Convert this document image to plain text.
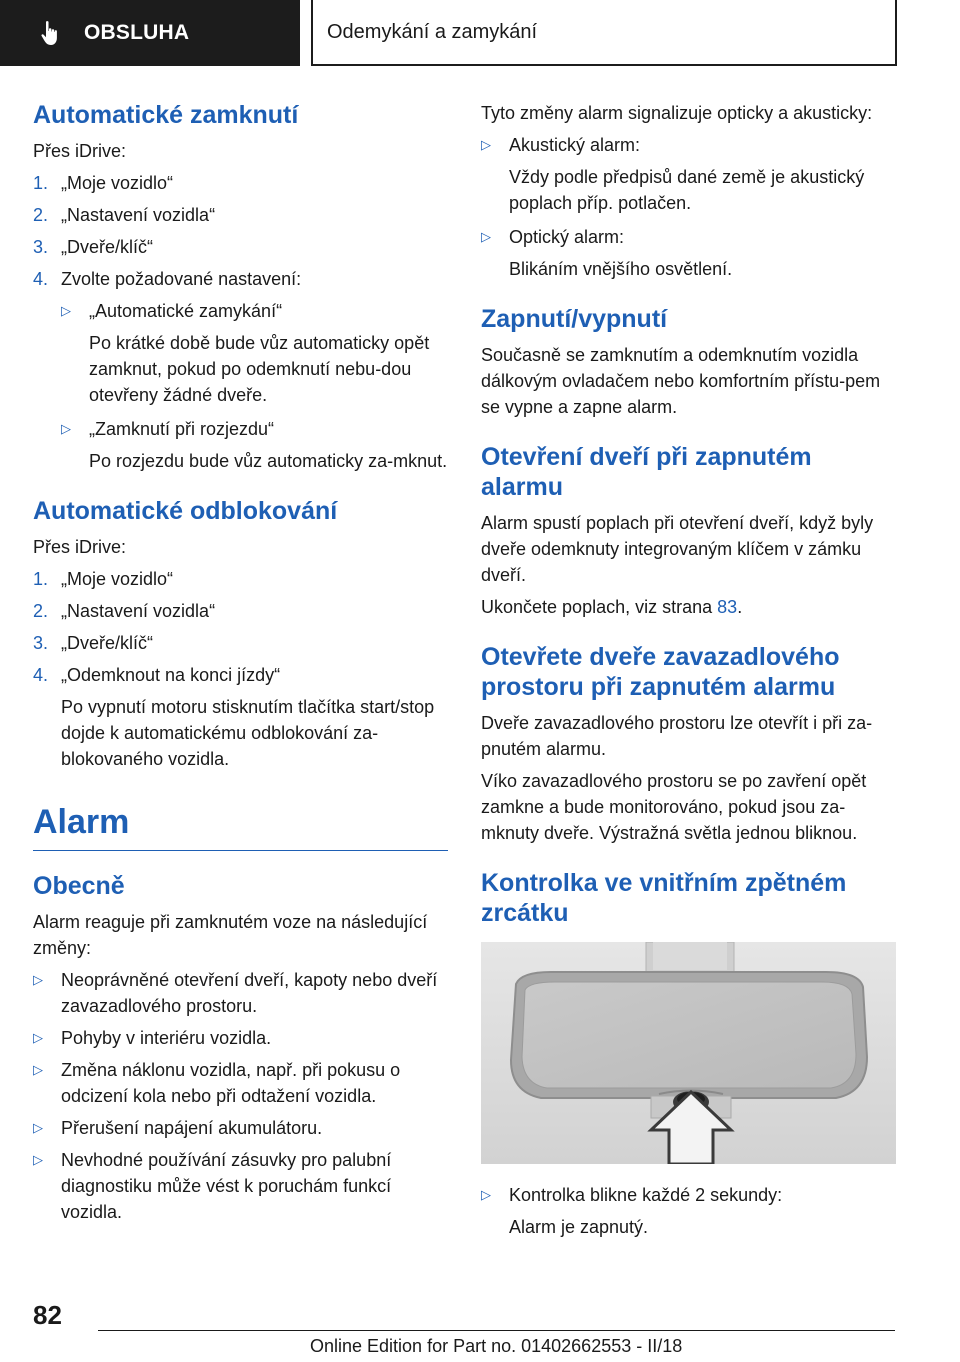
OBSLUHA	Odemykání a zamykání
Automatické zamknutí

Přes iDrive:

1. „Moje vozidlo“
2. „Nastavení vozidla“
3. „Dveře/klíč“
4. Zvolte požadované nastavení:
▷	„Automatické zamykání“
Po krátké době bude vůz automaticky opět zamknut, pokud po odemknutí nebu-dou otevřeny žádné dveře.
▷	„Zamknutí při rozjezdu“
Po rozjezdu bude vůz automaticky za-mknut.
Automatické odblokování

Přes iDrive:

1. „Moje vozidlo“
2. „Nastavení vozidla“
3. „Dveře/klíč“
4. „Odemknout na konci jízdy“
Po vypnutí motoru stisknutím tlačítka start/stop dojde k automatickému odblokování za-blokovaného vozidla.
Alarm
Obecně

Alarm reaguje při zamknutém voze na následující změny:

▷	Neoprávněné otevření dveří, kapoty nebo dveří zavazadlového prostoru.
▷	Pohyby v interiéru vozidla.
▷	Změna náklonu vozidla, např. při pokusu o odcizení kola nebo při odtažení vozidla.
▷	Přerušení napájení akumulátoru.
▷	Nevhodné používání zásuvky pro palubní diagnostiku může vést k poruchám funkcí vozidla.

Tyto změny alarm signalizuje opticky a akusticky:

▷	Akustický alarm:
Vždy podle předpisů dané země je akustický poplach příp. potlačen.
▷	Optický alarm:
Blikáním vnějšího osvětlení.
Zapnutí/vypnutí

Současně se zamknutím a odemknutím vozidla dálkovým ovladačem nebo komfortním přístu-pem se vypne a zapne alarm.

Otevření dveří při zapnutém alarmu

Alarm spustí poplach při otevření dveří, když byly dveře odemknuty integrovaným klíčem v zámku dveří.

Ukončete poplach, viz strana 83.

Otevřete dveře zavazadlového prostoru při zapnutém alarmu

Dveře zavazadlového prostoru lze otevřít i při za-pnutém alarmu.

Víko zavazadlového prostoru se po zavření opět zamkne a bude monitorováno, pokud jsou za-mknuty dveře. Výstražná světla jednou bliknou.

Kontrolka ve vnitřním zpětném zrcátku
▷	Kontrolka blikne každé 2 sekundy:
Alarm je zapnutý.
82
Online Edition for Part no. 01402662553 - II/18
